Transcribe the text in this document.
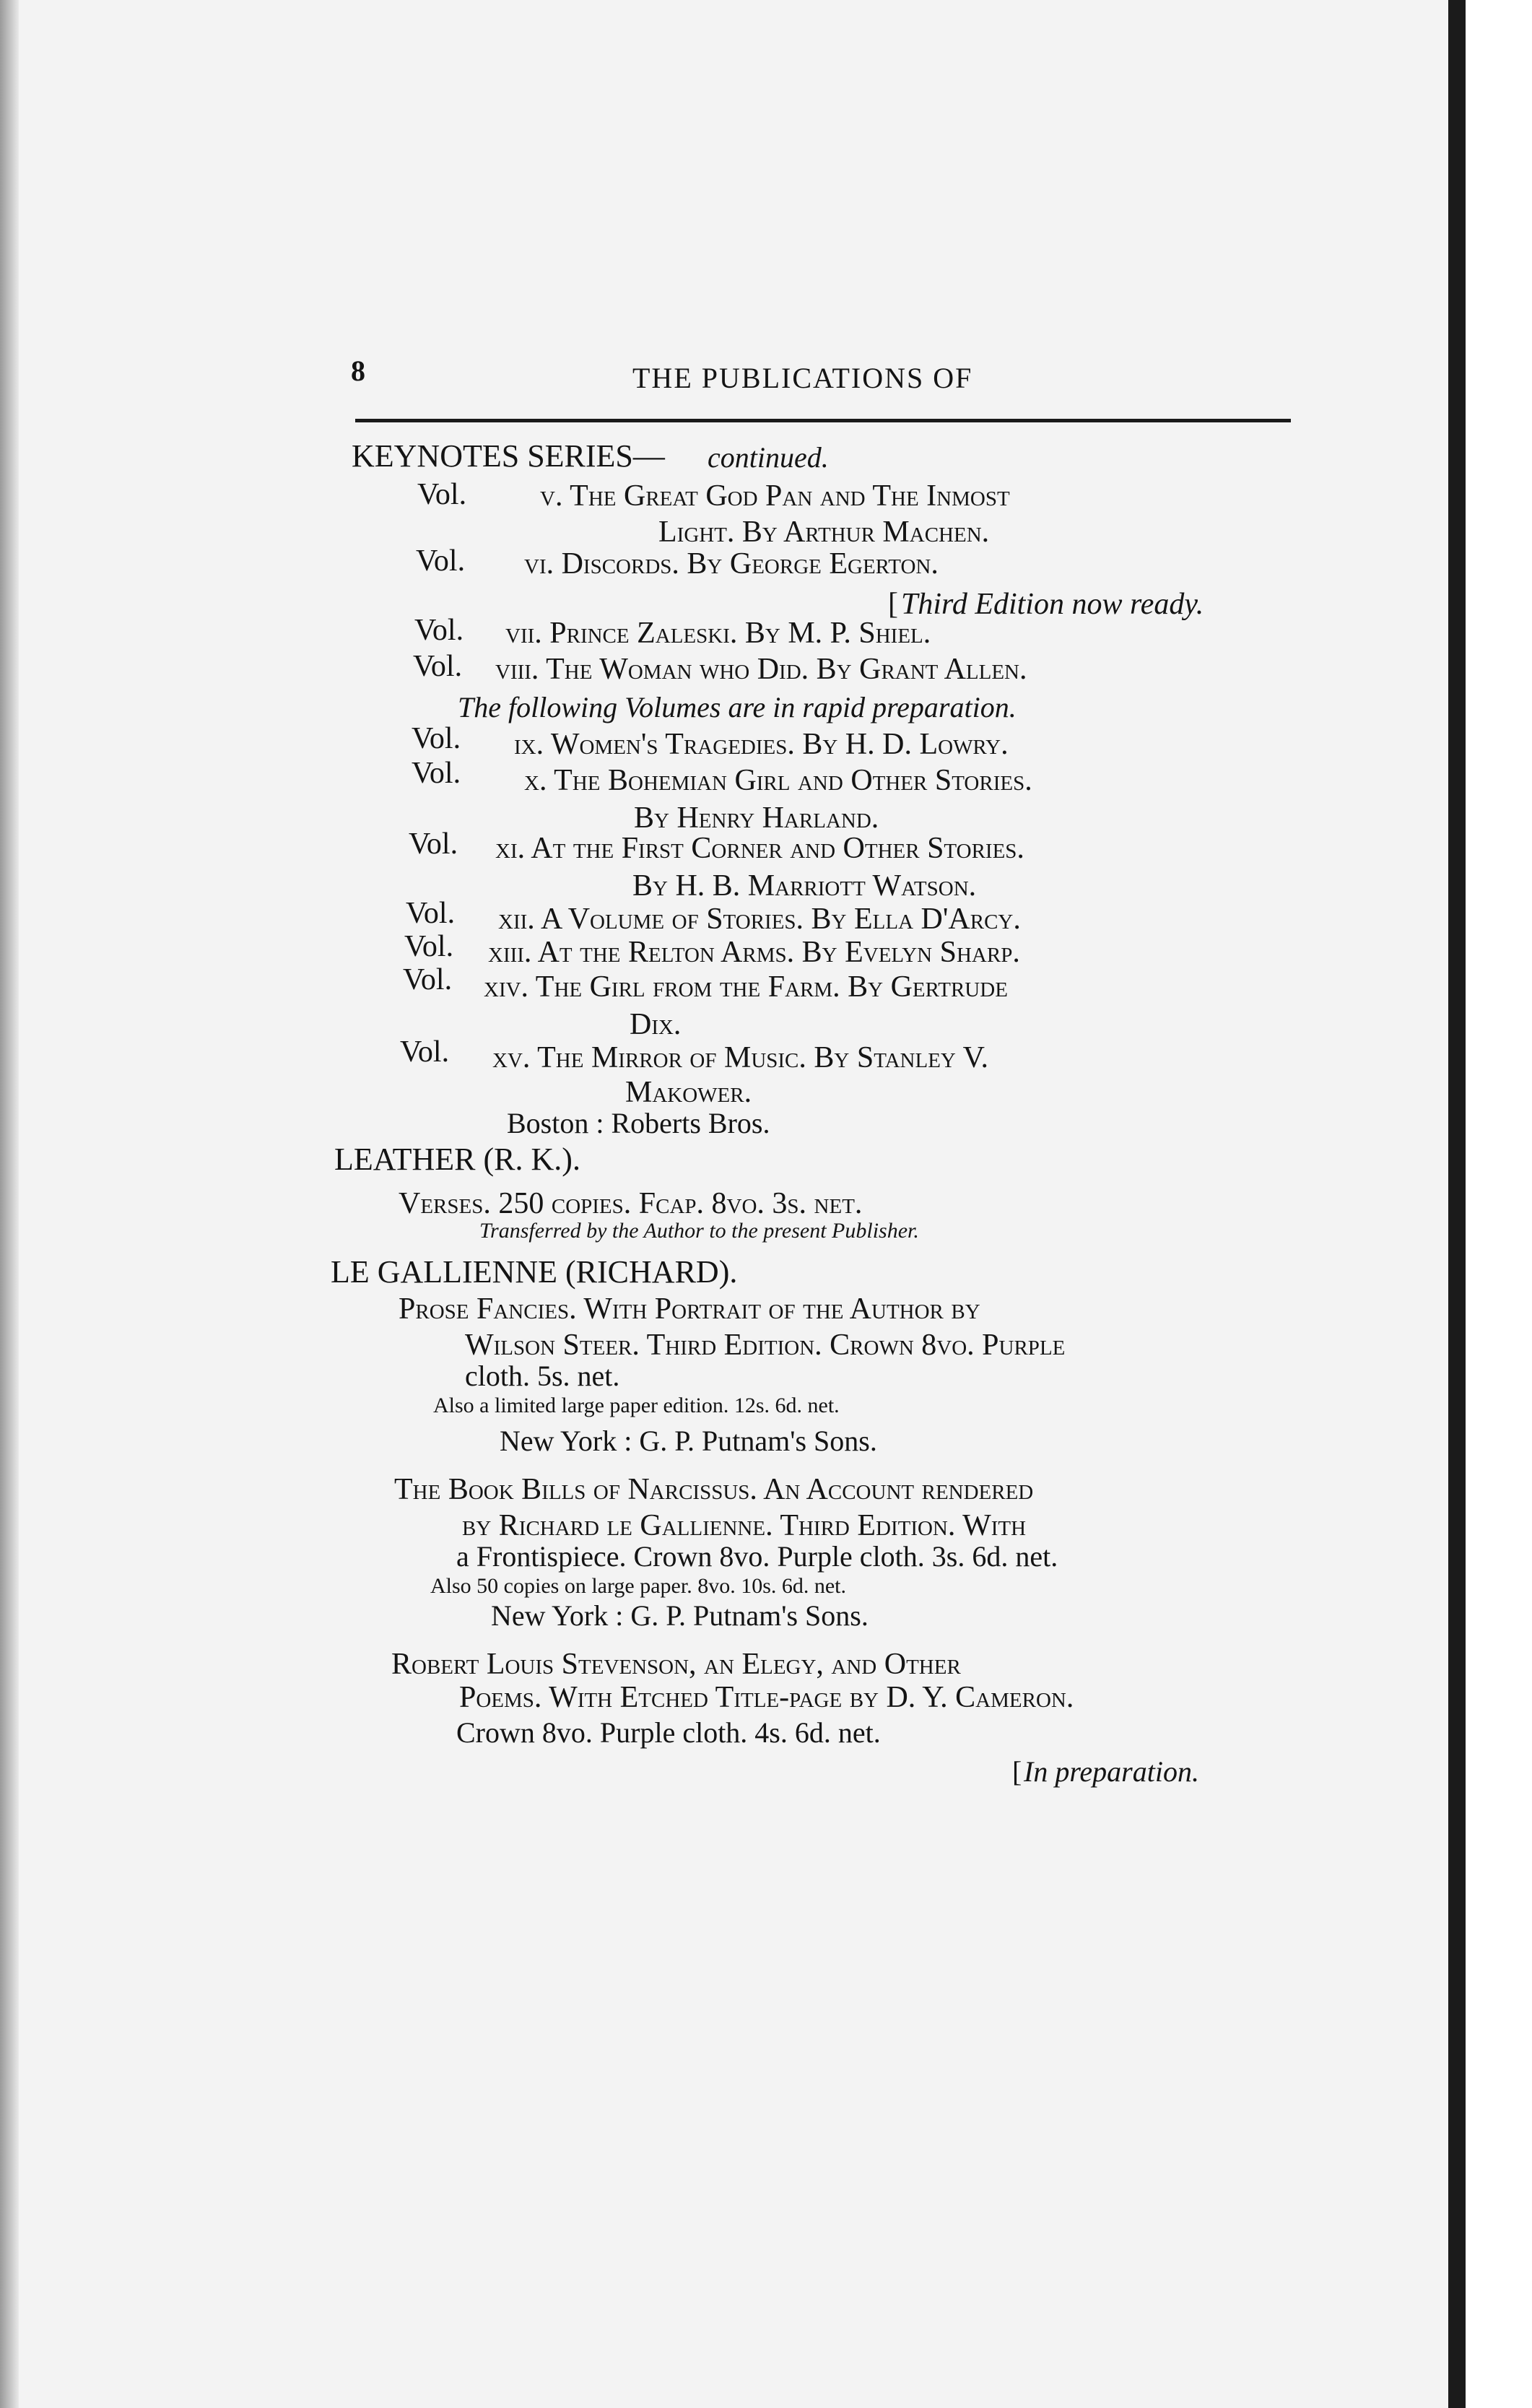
8	THE PUBLICATIONS OF
KEYNOTES SERIES— continued.
Vol. v. The Great God Pan and The Inmost
Light. By Arthur Machen.
Vol. vi. Discords. By George Egerton.
[ Third Edition now ready.
Vol. vii. Prince Zaleski. By M. P. Shiel.
Vol. viii. The Woman who Did. By Grant Allen.
The following Volumes are in rapid preparation.
Vol. ix. Women's Tragedies. By H. D. Lowry.
Vol. x. The Bohemian Girl and Other Stories.
By Henry Harland.
Vol. xi. At the First Corner and Other Stories.
By H. B. Marriott Watson.
Vol. xii. A Volume of Stories. By Ella D'Arcy.
Vol. xiii. At the Relton Arms. By Evelyn Sharp.
Vol. xiv. The Girl from the Farm. By Gertrude
Dix.
Vol. xv. The Mirror of Music. By Stanley V.
Makower.
Boston : Roberts Bros.
LEATHER (R. K.).
Verses. 250 copies. Fcap. 8vo. 3s. net.
Transferred by the Author to the present Publisher.
LE GALLIENNE (RICHARD).
Prose Fancies. With Portrait of the Author by
Wilson Steer. Third Edition. Crown 8vo. Purple
cloth. 5s. net.
Also a limited large paper edition. 12s. 6d. net.
New York : G. P. Putnam's Sons.
The Book Bills of Narcissus. An Account rendered
by Richard le Gallienne. Third Edition. With
a Frontispiece. Crown 8vo. Purple cloth. 3s. 6d. net.
Also 50 copies on large paper. 8vo. 10s. 6d. net.
New York : G. P. Putnam's Sons.
Robert Louis Stevenson, an Elegy, and Other
Poems. With Etched Title-page by D. Y. Cameron.
Crown 8vo. Purple cloth. 4s. 6d. net.
[ In preparation.
